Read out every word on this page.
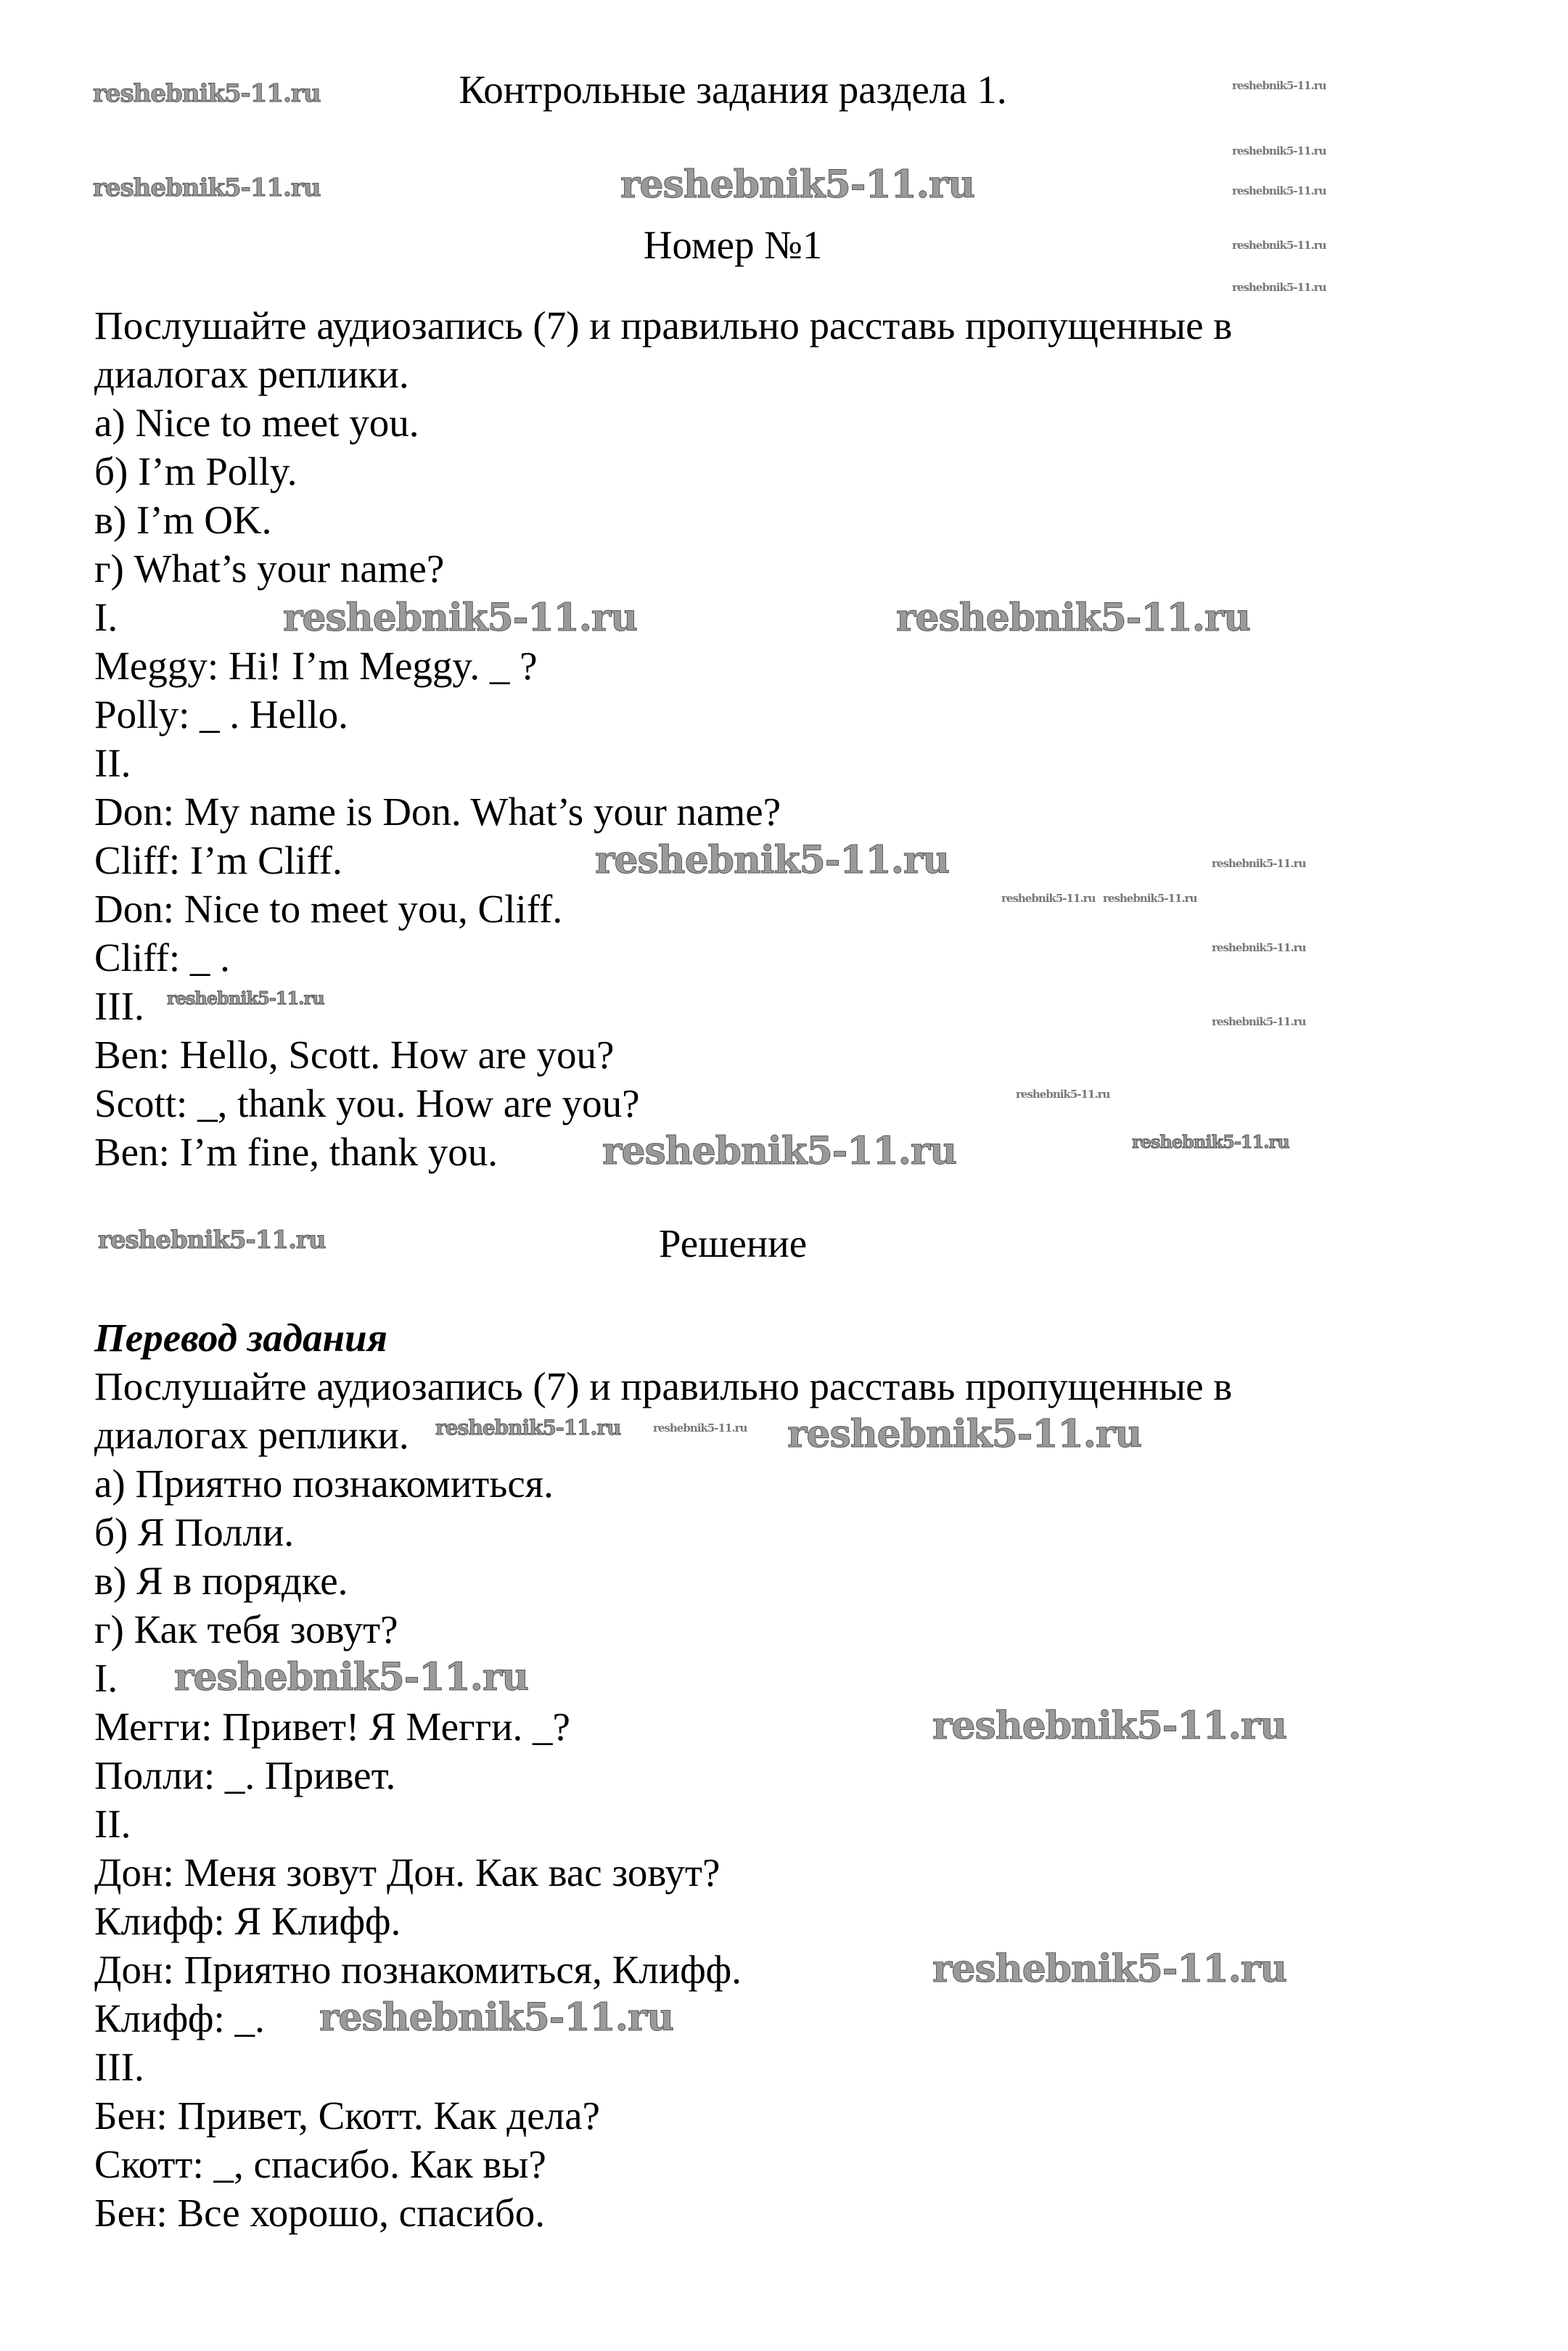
Контрольные задания раздела 1.
Номер №1
Послушайте аудиозапись (7) и правильно расставь пропущенные в
диалогах реплики.
а) Nice to meet you.
б) I’m Polly.
в) I’m OK.
г) What’s your name?
I.
Meggy: Hi! I’m Meggy. _ ?
Polly: _ . Hello.
II.
Don: My name is Don. What’s your name?
Cliff: I’m Cliff.
Don: Nice to meet you, Cliff.
Cliff: _ .
III.
Ben: Hello, Scott. How are you?
Scott: _, thank you. How are you?
Ben: I’m fine, thank you.
Решение
Перевод задания
Послушайте аудиозапись (7) и правильно расставь пропущенные в
диалогах реплики.
а) Приятно познакомиться.
б) Я Полли.
в) Я в порядке.
г) Как тебя зовут?
I.
Мегги: Привет! Я Мегги. _?
Полли: _. Привет.
II.
Дон: Меня зовут Дон. Как вас зовут?
Клифф: Я Клифф.
Дон: Приятно познакомиться, Клифф.
Клифф: _.
III.
Бен: Привет, Скотт. Как дела?
Скотт: _, спасибо. Как вы?
Бен: Все хорошо, спасибо.
reshebnik5-11.ru
reshebnik5-11.ru	reshebnik5-11.ru
reshebnik5-11.ru	reshebnik5-11.ru
reshebnik5-11.ru
reshebnik5-11.ru
reshebnik5-11.ru
reshebnik5-11.ru
reshebnik5-11.ru
reshebnik5-11.ru
reshebnik5-11.ru
reshebnik5-11.ru
reshebnik5-11.ru
reshebnik5-11.ru
reshebnik5-11.ru
reshebnik5-11.ru
reshebnik5-11.ru
reshebnik5-11.ru
reshebnik5-11.ru
reshebnik5-11.ru
reshebnik5-11.ru
reshebnik5-11.ru
reshebnik5-11.ru
reshebnik5-11.ru reshebnik5-11.ru
reshebnik5-11.ru
reshebnik5-11.ru
